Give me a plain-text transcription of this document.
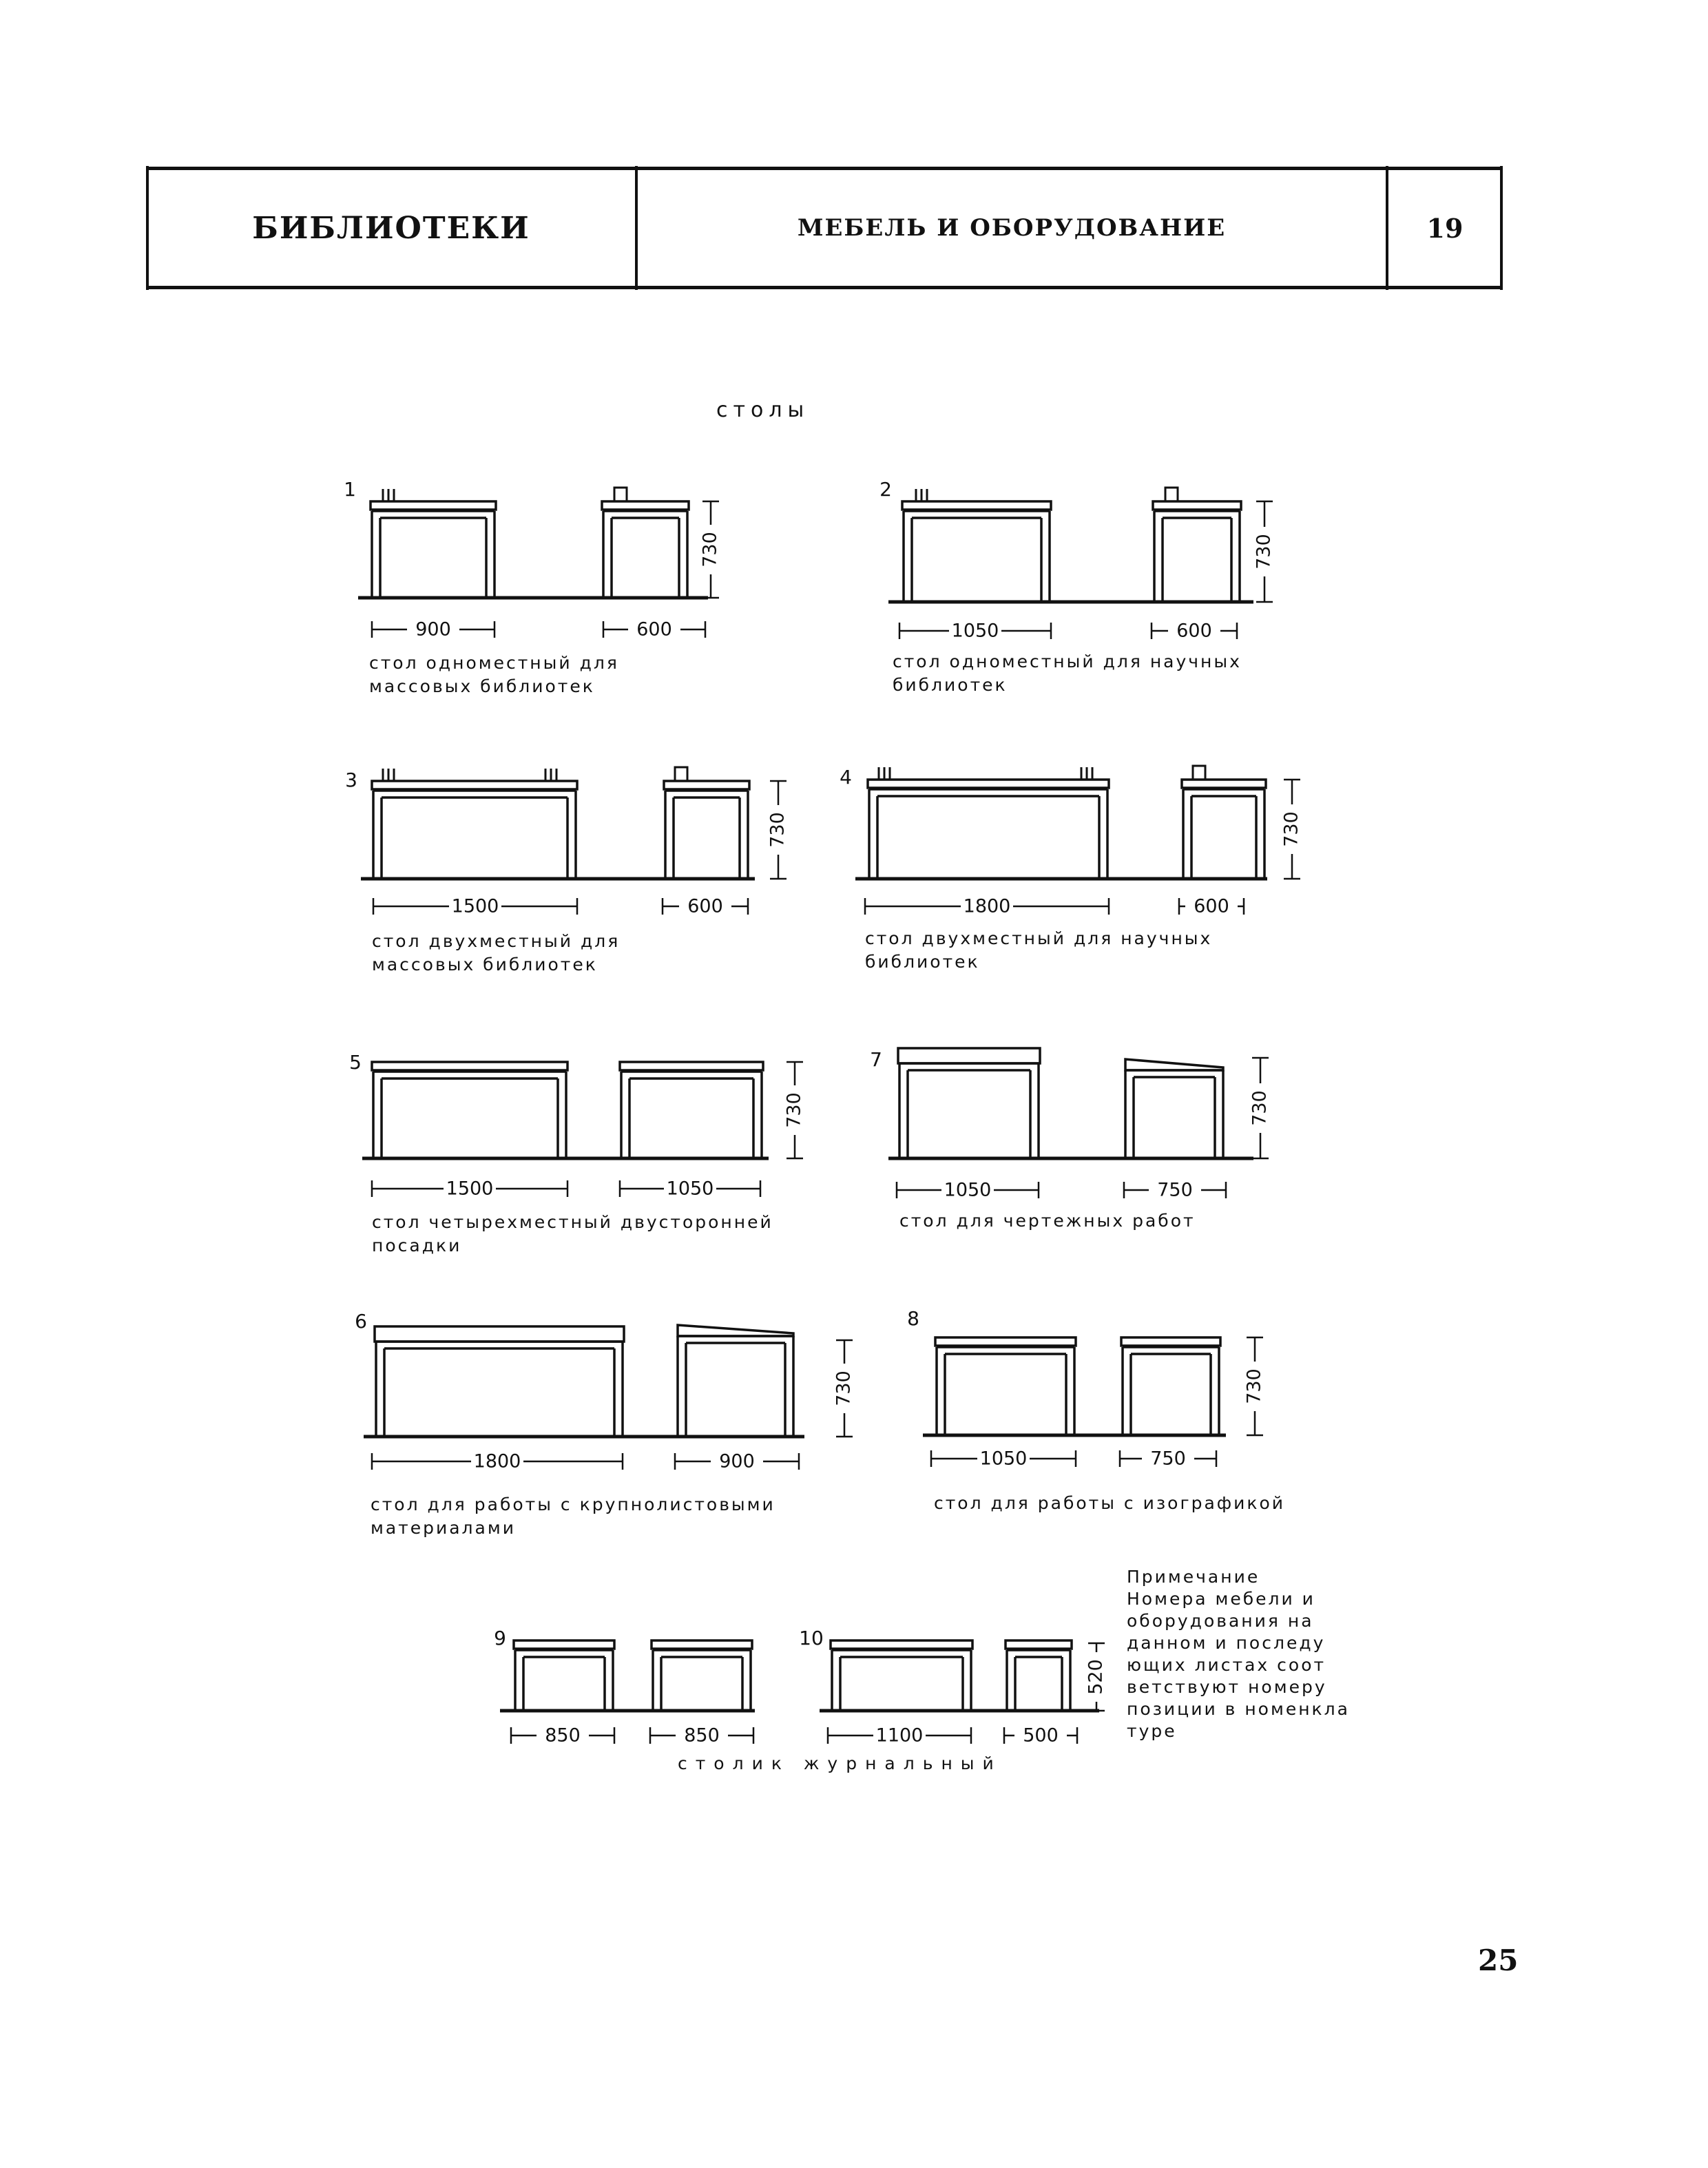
БИБЛИОТЕКИ	МЕБЕЛЬ И ОБОРУДОВАНИЕ	19
столы
1
730
900	600
2
730
1050	600
3
730
1500	600
4
730
1800	600
5
730
1500	1050
7
730
1050	750
6
730
1800	900
8
730
1050	750
9
850	850
10
520
1100	500
стол одноместный для
массовых библиотек
стол одноместный для научных
библиотек
стол двухместный для
массовых библиотек
стол двухместный для научных
библиотек
стол четырехместный двусторонней
посадки
стол для чертежных работ
стол для работы с крупнолистовыми
материалами
стол для работы с изографикой
столик журнальный
Примечание
Номера мебели и
оборудования на
данном и последу
ющих листах соот
ветствуют номеру
позиции в номенкла
туре
25
